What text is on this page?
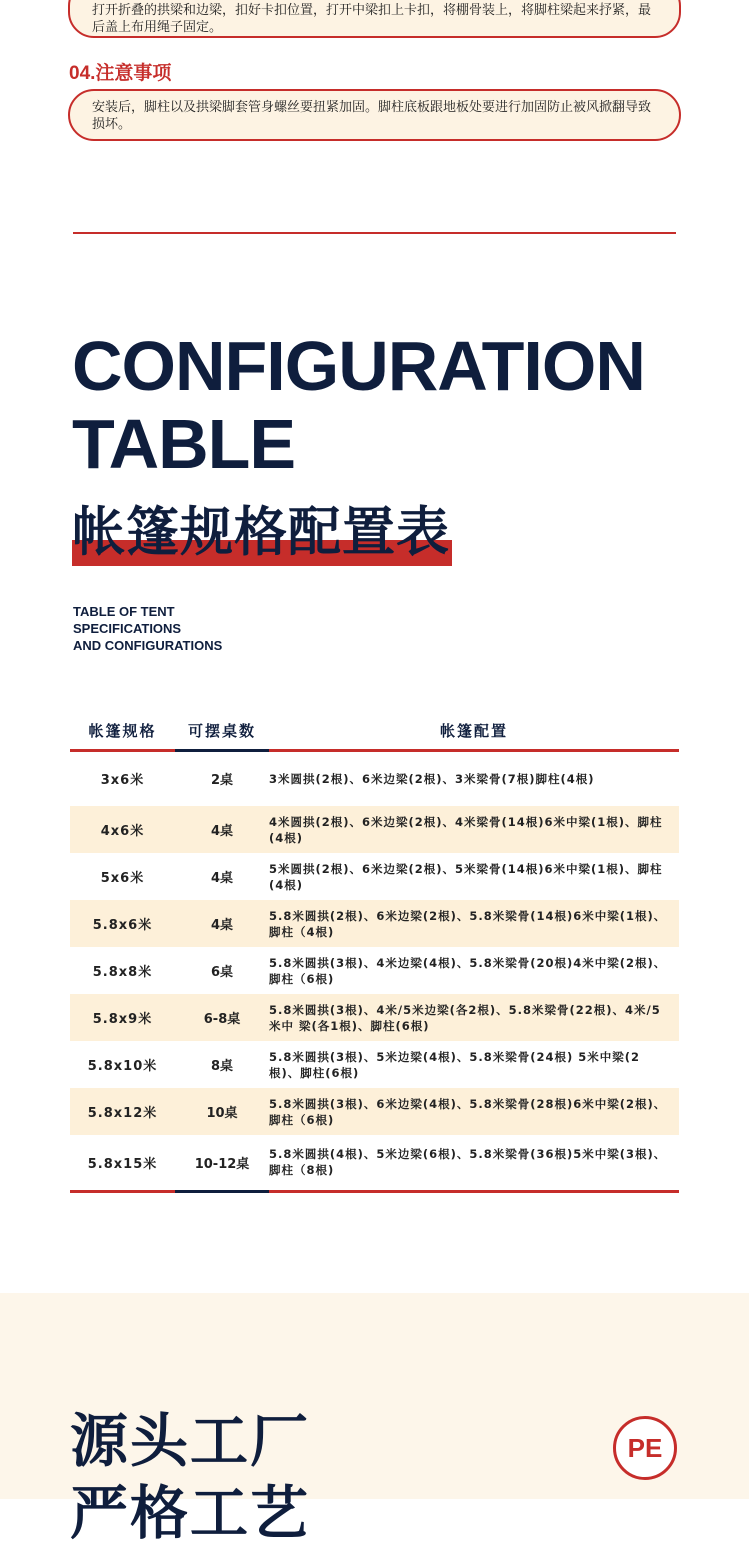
打开折叠的拱梁和边梁，扣好卡扣位置，打开中梁扣上卡扣，将棚骨装上，将脚柱梁起来抒紧，最后盖上布用绳子固定。
04.注意事项
安装后，脚柱以及拱梁脚套管身螺丝要扭紧加固。脚柱底板跟地板处要进行加固防止被风掀翻导致损坏。
CONFIGURATION
TABLE
帐篷规格配置表
TABLE OF TENT
SPECIFICATIONS
AND CONFIGURATIONS
帐篷规格	可摆桌数	帐篷配置
3x6米	2桌	3米圆拱(2根)、6米边梁(2根)、3米梁骨(7根)脚柱(4根)
4x6米	4桌	4米圆拱(2根)、6米边梁(2根)、4米梁骨(14根)6米中梁(1根)、脚柱(4根)
5x6米	4桌	5米圆拱(2根)、6米边梁(2根)、5米梁骨(14根)6米中梁(1根)、脚柱(4根)
5.8x6米	4桌	5.8米圆拱(2根)、6米边梁(2根)、5.8米梁骨(14根)6米中梁(1根)、脚柱（4根)
5.8x8米	6桌	5.8米圆拱(3根)、4米边梁(4根)、5.8米梁骨(20根)4米中梁(2根)、脚柱（6根)
5.8x9米	6-8桌	5.8米圆拱(3根)、4米/5米边梁(各2根)、5.8米梁骨(22根)、4米/5米中 梁(各1根)、脚柱(6根)
5.8x10米	8桌	5.8米圆拱(3根)、5米边梁(4根)、5.8米梁骨(24根) 5米中梁(2根)、脚柱(6根)
5.8x12米	10桌	5.8米圆拱(3根)、6米边梁(4根)、5.8米梁骨(28根)6米中梁(2根)、脚柱（6根)
5.8x15米	10-12桌	5.8米圆拱(4根)、5米边梁(6根)、5.8米梁骨(36根)5米中梁(3根)、脚柱（8根)
源头工厂
严格工艺
PE
